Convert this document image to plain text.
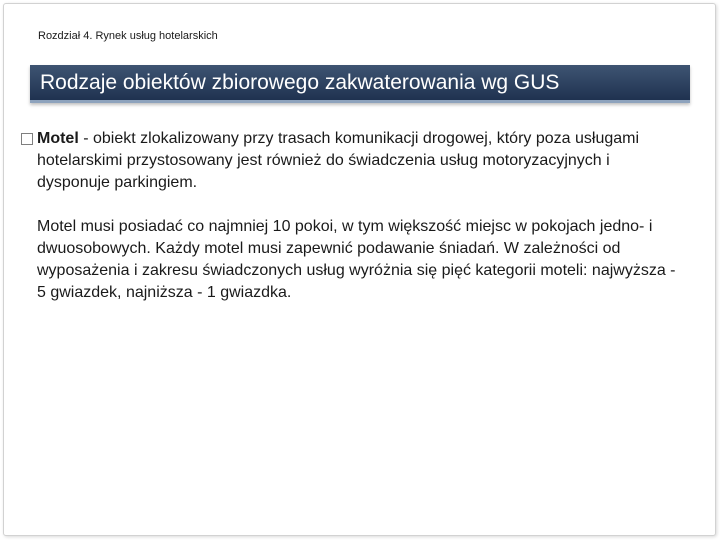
Rozdział 4. Rynek usług hotelarskich
Rodzaje obiektów zbiorowego zakwaterowania wg GUS
Motel - obiekt zlokalizowany przy trasach komunikacji drogowej, który poza usługami hotelarskimi przystosowany jest również do świadczenia usług motoryzacyjnych i dysponuje parkingiem.
Motel musi posiadać co najmniej 10 pokoi, w tym większość miejsc w pokojach jedno- i dwuosobowych. Każdy motel musi zapewnić podawanie śniadań. W zależności od wyposażenia i zakresu świadczonych usług wyróżnia się pięć kategorii moteli: najwyższa - 5 gwiazdek, najniższa - 1 gwiazdka.
